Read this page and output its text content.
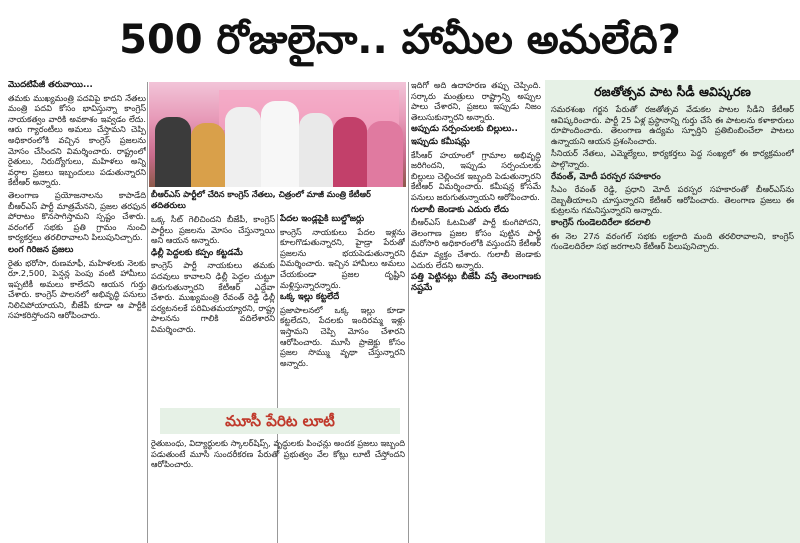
500 రోజులైనా.. హామీల అమలేది?

మొదటిపేజీ తరువాయి...

తమకు ముఖ్యమంత్రి పదవిపై కాదని నేతలు మంత్రి పదవి కోసం భావిస్తున్నా కాంగ్రెస్ నాయకత్వం వారికి అవకాశం ఇవ్వడం లేదు. ఆరు గ్యారంటీలు అమలు చేస్తామని చెప్పి అధికారంలోకి వచ్చిన కాంగ్రెస్ ప్రజలను మోసం చేసిందని విమర్శించారు. రాష్ట్రంలో రైతులు, నిరుద్యోగులు, మహిళలు అన్ని వర్గాల ప్రజలు ఇబ్బందులు పడుతున్నారని కేటీఆర్ అన్నారు.

తెలంగాణ ప్రయోజనాలను కాపాడేది బీఆర్ఎస్ పార్టీ మాత్రమేనని, ప్రజల తరఫున పోరాటం కొనసాగిస్తామని స్పష్టం చేశారు. వరంగల్ సభకు ప్రతి గ్రామం నుంచి కార్యకర్తలు తరలిరావాలని పిలుపునిచ్చారు.

లంగ గిరిజన ప్రజలు

రైతు భరోసా, రుణమాఫీ, మహిళలకు నెలకు రూ.2,500, పెన్షన్ల పెంపు వంటి హామీలు ఇప్పటికీ అమలు కాలేదని ఆయన గుర్తు చేశారు. కాంగ్రెస్ పాలనలో అభివృద్ధి పనులు నిలిచిపోయాయని, బీజేపీ కూడా ఆ పార్టీకి సహకరిస్తోందని ఆరోపించారు.

బీఆర్ఎస్ పార్టీలో చేరిన కాంగ్రెస్ నేతలు, చిత్రంలో మాజీ మంత్రి కేటీఆర్ తదితరులు

ఒక్క సీట్ గెలిచిందని బీజేపీ, కాంగ్రెస్ పార్టీలు ప్రజలను మోసం చేస్తున్నాయి అని ఆయన అన్నారు.

ఢిల్లీ పెద్దలకు కప్పం కట్టడమే

కాంగ్రెస్ పార్టీ నాయకులు తమకు పదవులు కావాలని ఢిల్లీ పెద్దల చుట్టూ తిరుగుతున్నారని కేటీఆర్ ఎద్దేవా చేశారు. ముఖ్యమంత్రి రేవంత్ రెడ్డి ఢిల్లీ పర్యటనలకే పరిమితమయ్యారని, రాష్ట్ర పాలనను గాలికి వదిలేశారని విమర్శించారు.

పేదల ఇండ్లపైకి బుల్డోజర్లు

కాంగ్రెస్ నాయకులు పేదల ఇళ్లను కూలగొడుతున్నారని, హైడ్రా పేరుతో ప్రజలను భయపెడుతున్నారని విమర్శించారు. ఇచ్చిన హామీలు అమలు చేయకుండా ప్రజల దృష్టిని మళ్లిస్తున్నారన్నారు.

ఒక్క ఇల్లు కట్టలేదే

ప్రజాపాలనలో ఒక్క ఇల్లు కూడా కట్టలేదని, పేదలకు ఇందిరమ్మ ఇళ్లు ఇస్తామని చెప్పి మోసం చేశారని ఆరోపించారు. మూసీ ప్రాజెక్టు కోసం ప్రజల సొమ్ము వృథా చేస్తున్నారని అన్నారు.

మూసీ పేరిట లూటీ

రైతుబంధు, విద్యార్థులకు స్కాలర్‌షిప్స్, వృద్ధులకు పింఛన్లు అందక ప్రజలు ఇబ్బంది పడుతుంటే మూసీ సుందరీకరణ పేరుతో ప్రభుత్వం వేల కోట్లు లూటీ చేస్తోందని ఆరోపించారు.

ఇదిగో అది ఉదాహరణ తప్పు చెప్పింది. సర్కారు మంత్రులు రాష్ట్రాన్ని అప్పుల పాలు చేశారని, ప్రజలు ఇప్పుడు నిజం తెలుసుకున్నారని అన్నారు.

అప్పుడు సర్పంచులకు బిల్లులు..

ఇప్పుడు కమీషన్లు

కేసీఆర్ హయాంలో గ్రామాల అభివృద్ధి జరిగిందని, ఇప్పుడు సర్పంచులకు బిల్లులు చెల్లించక ఇబ్బంది పెడుతున్నారని కేటీఆర్ విమర్శించారు. కమీషన్ల కోసమే పనులు జరుగుతున్నాయని ఆరోపించారు.

గులాబీ జెండాకు ఎదురు లేదు

బీఆర్ఎస్ ఓటమితో పార్టీ కుంగిపోదని, తెలంగాణ ప్రజల కోసం పుట్టిన పార్టీ మరోసారి అధికారంలోకి వస్తుందని కేటీఆర్ ధీమా వ్యక్తం చేశారు. గులాబీ జెండాకు ఎదురు లేదని అన్నారు.

పత్తి పెట్టినట్లు బీజేపీ వస్తే తెలంగాణకు నష్టమే

రజతోత్సవ పాట సీడీ ఆవిష్కరణ

సమరశంఖ గర్జన పేరుతో రజతోత్సవ వేడుకల పాటల సీడీని కేటీఆర్ ఆవిష్కరించారు. పార్టీ 25 ఏళ్ల ప్రస్థానాన్ని గుర్తు చేసే ఈ పాటలను కళాకారులు రూపొందించారు. తెలంగాణ ఉద్యమ స్ఫూర్తిని ప్రతిబింబించేలా పాటలు ఉన్నాయని ఆయన ప్రశంసించారు.

సీనియర్ నేతలు, ఎమ్మెల్యేలు, కార్యకర్తలు పెద్ద సంఖ్యలో ఈ కార్యక్రమంలో పాల్గొన్నారు.

రేవంత్, మోదీ పరస్పర సహకారం

సీఎం రేవంత్ రెడ్డి, ప్రధాని మోదీ పరస్పర సహకారంతో బీఆర్ఎస్‌ను దెబ్బతీయాలని చూస్తున్నారని కేటీఆర్ ఆరోపించారు. తెలంగాణ ప్రజలు ఈ కుట్రలను గమనిస్తున్నారని అన్నారు.

కాంగ్రెస్ గుండెలదిరేలా కదలాలి

ఈ నెల 27న వరంగల్ సభకు లక్షలాది మంది తరలిరావాలని, కాంగ్రెస్ గుండెలదిరేలా సభ జరగాలని కేటీఆర్ పిలుపునిచ్చారు.
